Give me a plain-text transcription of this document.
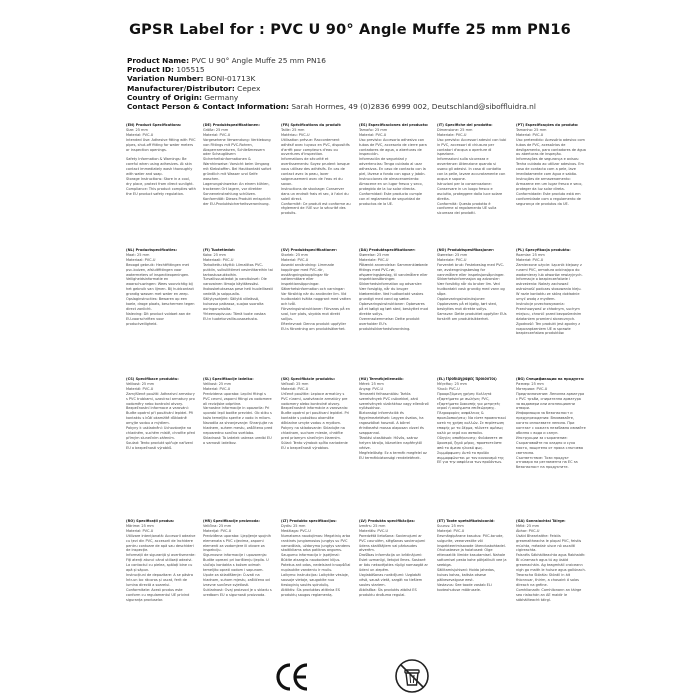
GPSR Label for : PVC U 90° Angle Muffe 25 mm PN16
Product Name: PVC U 90° Angle Muffe 25 mm PN16
Product ID: 105515
Variation Number: BONI-01713K
Manufacturer/Distributor: Cepex
Country of Origin: Germany
Contact Person & Contact Information: Sarah Hormes, 49 (0)2836 6999 002, Deutschland@siboffluidra.nl
(EN) Product Specifications:

Size: 25 mm
Material: PVC-U
Intended Use: Adhesive fitting with PVC pipes, shut-off fitting for water meters or inspection openings.

Safety Information & Warnings: Be careful when using adhesives. At skin contact immediately wash thoroughly with water and soap.
Storage Instructions: Store in a cool, dry place, protect from direct sunlight.
Compliance: This product complies with the EU product safety regulation.

(DE) Produktspezifikationen:

Größe: 25 mm
Material: PVC-U
Vorgesehene Verwendung: Verklebung von Fittings mit PVC-Rohren, Absperrarmaturen, Schließmessern oder Schaugläsern
Sicherheitsinformationen & Warnhinweise: Vorsicht beim Umgang mit Klebstoffen. Bei Hautkontakt sofort gründlich mit Wasser und Seife waschen.
Lagerungshinweise: An einem kühlen, trockenen Ort lagern, vor direkter Sonneneinstrahlung schützen.
Konformität: Dieses Produkt entspricht der EU-Produktsicherheitsverordnung.

(FR) Spécifications du produit:

Taille: 25 mm
Matériau: PVC-U
Utilisation prévue: Raccordement adhésif avec tuyaux en PVC, dispositifs d'arrêt pour compteurs d'eau ou ouvertures d'inspection.
Informations de sécurité et avertissements: Soyez prudent lorsque vous utilisez des adhésifs. En cas de contact avec la peau, laver soigneusement avec de l'eau et du savon.
Instructions de stockage: Conserver dans un endroit frais et sec, à l'abri du soleil direct.
Conformité: Ce produit est conforme au règlement de l'UE sur la sécurité des produits.

(ES) Especificaciones del producto:

Tamaño: 25 mm
Material: PVC-U
Uso previsto: Accesorio adhesivo con tubos de PVC, accesorio de cierre para contadores de agua, o aberturas de inspección.
Información de seguridad y advertencias: Tenga cuidado al usar adhesivos. En caso de contacto con la piel, lávese a fondo con agua y jabón.
Instrucciones de almacenamiento: Almacene en un lugar fresco y seco, protegido de la luz solar directa.
Conformidad: Este producto cumple con el reglamento de seguridad de productos de la UE.

(IT) Specifiche del prodotto:

Dimensione: 25 mm
Materiale: PVC-U
Uso previsto: Accessori adesivi con tubi in PVC, accessori di chiusura per contatori d'acqua o aperture di ispezione.
Informazioni sulla sicurezza e avvertenze: Attenzione quando si usano gli adesivi. In caso di contatto con la pelle, lavare accuratamente con acqua e sapone.
Istruzioni per la conservazione: Conservare in un luogo fresco e asciutto, proteggere dalla luce solare diretta.
Conformità: Questo prodotto è conforme al regolamento UE sulla sicurezza dei prodotti.

(PT) Especificações do produto:

Tamanho: 25 mm
Material: PVC-U
Uso pretendido: Acessório adesivo com tubos de PVC, acessórios de desligamento, para contadores de água ou aberturas de inspeção.
Informações de segurança e avisos: Tenha cuidado ao utilizar adesivos. Em caso de contacto com a pele, lave imediatamente com água e sabão.
Instruções de armazenamento: Armazene em um lugar fresco e seco, proteger da luz solar direta.
Conformidade: Este produto está em conformidade com o regulamento de segurança de produtos da UE.

(NL) Productspecificaties:

Maat: 25 mm
Materiaal: PVC-U
Beoogd gebruik: Hechtfittingen met pvc-buizen, afsluitfittingen voor watermeters of inspectieopeningen.
Veiligheidsinformatie en waarschuwingen: Wees voorzichtig bij het gebruik van lijmen. Bij huidcontact grondig wassen met water en zeep.
Opslaginstructies: Bewaren op een koele, droge plaats, beschermen tegen direct zonlicht.
Naleving: Dit product voldoet aan de EU-voorschriften voor productveiligheid.

(FI) Tuotetiedot:

Koko: 25 mm
Materiaali: PVC-U
Tarkoitettu käyttö: Liimaliitos PVC-putkiin, sulkuliittimet vesimittareihin tai tarkastusaukkoihin.
Turvallisuustiedot ja varoitukset: Ole varovainen liimoja käyttäessäsi. Ihokosketuksessa pese heti huolellisesti vedellä ja saippualla.
Säilytysohjeet: Säilytä viileässä, kuivassa paikassa, suojaa suoralta auringonvalolta.
Yhteensopivuus: Tämä tuote vastaa EU:n tuoteturvallisuusasetusta.

(SV) Produktspecifikationer:

Storlek: 25 mm
Material: PVC-U
Avsedd användning: Limmade kopplingar med PVC-rör, avstängningskopplingar för vattenmätare eller inspektionsöppningar.
Säkerhetsinformation och varningar: Var försiktig när du använder lim. Vid hudkontakt tvätta noggrant med vatten och tvål.
Förvaringsinstruktioner: Förvaras på en sval, torr plats, skydda mot direkt solljus.
Efterlevnad: Denna produkt uppfyller EU:s förordning om produktsäkerhet.

(DA) Produktspecifikationer:

Størrelse: 25 mm
Materiale: PVC-U
Påtænkt anvendelse: Sammenklæbede fittings med PVC-rør, afspærringsbeslag, til vandmålere eller inspektionsåbninger.
Sikkerhedsinformation og advarsler: Vær forsigtig, når du bruger klæbemidler. Ved hudkontakt vaskes grundigt med vand og sæbe.
Opbevaringsinstruktioner: Opbevares på et køligt og tørt sted, beskyttet mod direkte sollys.
Overensstemmelse: Dette produkt overholder EU's produktsikkerhedsforordning.

(NO) Produktspesifikasjoner:

Størrelse: 25 mm
Materiale: PVC-U
Forventet bruk: Festebeslag med PVC-rør, avstengningsbeslag for vannmålere eller inspeksjonsåpninger.
Sikkerhetsinformasjon og advarsler: Vær forsiktig når du bruker lim. Ved hudkontakt vask grundig med vann og såpe.
Oppbevaringsinstruksjoner: Oppbevares på et kjølig, tørt sted, beskyttes mot direkte sollys.
Samsvar: Dette produktet oppfyller EUs forskrift om produktsikkerhet.

(PL) Specyfikacja produktu:

Rozmiar: 25 mm
Materiał: PVC-U
Zamierzone użycie: Łącznik klejowy z rurami PVC, armatura odcinająca do wodomierzy lub otworów rewizyjnych.
Informacje o bezpieczeństwie i ostrzeżenia: Należy zachować ostrożność podczas stosowania kleju. W razie kontaktu ze skórą dokładnie umyć wodą z mydłem.
Instrukcje przechowywania: Przechowywać w chłodnym, suchym miejscu, chronić przed bezpośrednim działaniem promieni słonecznych.
Zgodność: Ten produkt jest zgodny z rozporządzeniem UE w sprawie bezpieczeństwa produktów.

(CS) Specifikace produktu:

Velikost: 25 mm
Materiál: PVC-U
Zamýšlené použití: Adhezivní armatury s PVC trubkami, uzavírací armatury pro vodoměry nebo kontrolní otvory.
Bezpečnostní informace a varování: Buďte opatrní při používání lepidel. Při kontaktu s kůží okamžitě důkladně omyjte vodou a mýdlem.
Pokyny k uskladnění: Uchovávejte na chladném, suchém místě, chraňte před přímým slunečním zářením.
Soulad: Tento produkt splňuje nařízení EU o bezpečnosti výrobků.

(SL) Specifikacije izdelka:

Velikost: 25 mm
Material: PVC-U
Predvidena uporaba: Lepilni fitingi s PVC cevmi, zaporni fitingi za vodomere ali revizijske odprtine.
Varnostne informacije in opozorila: Pri uporabi lepil bodite previdni. Ob stiku s kožo temeljito sperite z vodo in milom.
Navodila za shranjevanje: Shranjujte na hladnem, suhem mestu, zaščiteno pred neposredno sončno svetlobo.
Skladnost: Ta izdelek ustreza uredbi EU o varnosti izdelkov.

(SK) Špecifikácie produktu:

Veľkosť: 25 mm
Materiál: PVC-U
Určené použitie: Lepiace armatúry s PVC rúrami, uzatváracie armatúry pre vodomery alebo kontrolné otvory.
Bezpečnostné informácie a varovania: Buďte opatrní pri používaní lepidiel. Pri kontakte s pokožkou okamžite dôkladne umyte vodou a mydlom.
Pokyny na skladovanie: Skladujte na chladnom, suchom mieste, chráňte pred priamym slnečným žiarením.
Súlad: Tento výrobok spĺňa nariadenie EÚ o bezpečnosti výrobkov.

(HU) Termékjellemzők:

Méret: 25 mm
Anyag: PVC-U
Tervezett felhasználás: Tartós szerelvények PVC csövekkel, záró szerelvények vízórákhoz vagy ellenőrző nyílásokhoz.
Biztonsági információk és figyelmeztetések: Legyen óvatos, ha ragasztókat használ. A bőrrel érintkezést mossa alaposan vízzel és szappannal.
Tárolási utasítások: Hűvös, száraz helyen tárolja, közvetlen napfénytől védve.
Megfelelőség: Ez a termék megfelel az EU termékbiztonsági rendeletének.

(EL) Προδιαγραφές προϊόντος:

Μέγεθος: 25 mm
Υλικό: PVC-U
Προοριζόμενη χρήση: Κολλητά εξαρτήματα με σωλήνες PVC, εξαρτήματα διακοπής για μετρητές νερού ή ανοίγματα επιθεώρησης.
Πληροφορίες ασφάλειας & προειδοποιήσεις: Να είστε προσεκτικοί κατά τη χρήση κολλών. Σε περίπτωση επαφής με το δέρμα, πλύνετε αμέσως καλά με νερό και σαπούνι.
Οδηγίες αποθήκευσης: Φυλάσσετε σε δροσερό, ξηρό μέρος, προστατεύστε από το άμεσο ηλιακό φως.
Συμμόρφωση: Αυτό το προϊόν συμμορφώνεται με τον κανονισμό της ΕΕ για την ασφάλεια των προϊόντων.

(BG) Спецификации на продукта:

Размер: 25 mm
Материал: PVC-U
Предназначение: Лепилна арматура с PVC тръби, спирателна арматура за водомери или инспекционни отвори.
Информация за безопасност и предупреждения: Внимавайте, когато използвате лепила. При контакт с кожата незабавно измийте обилно с вода и сапун.
Инструкции за съхранение: Съхранявайте на хладно и сухо място, защитено от пряка слънчева светлина.
Съответствие: Този продукт отговаря на регламента на ЕС за безопасност на продуктите.

(RO) Specificații produs:

Mărime: 25 mm
Material: PVC-U
Utilizare intenționată: Accesorii adezive cu țevi din PVC, accesorii de închidere pentru contoare de apă sau deschideri de inspecție.
Informații de siguranță și avertismente: Fiți atenți atunci când utilizați adezivi. La contactul cu pielea, spălați bine cu apă și săpun.
Instrucțiuni de depozitare: A se păstra într-un loc răcoros și uscat, ferit de lumina directă a soarelui.
Conformitate: Acest produs este conform cu regulamentul UE privind siguranța produselor.

(HR) Specifikacije proizvoda:

Veličina: 25 mm
Materijal: PVC-U
Predviđena uporaba: Ljepljenje spojnih elemenata s PVC cijevima, zaporni elementi za vodomjere ili otvore za inspekciju.
Sigurnosne informacije i upozorenja: Budite oprezni pri korištenju ljepila. U slučaju kontakta s kožom odmah temeljito oprati vodom i sapunom.
Upute za skladištenje: Čuvati na hladnom, suhom mjestu, zaštićeno od izravne sunčeve svjetlosti.
Sukladnost: Ovaj proizvod je u skladu s uredbom EU o sigurnosti proizvoda.

(LT) Produkto specifikacijos:

Dydis: 25 mm
Medžiaga: PVC-U
Numatoma naudojimas: Megztinių arba rankinės jungiamosios jungtys su PVC vamzdžiais, uždarymo jungtys vandens skaitikliams arba patikros angoms.
Saugumo informacija ir įspėjimai: Būkite atsargūs naudodami klijus. Patekus ant odos, nedelsiant kruopščiai nuplaukite vandeniu ir muilu.
Laikymo instrukcijos: Laikykite vėsioje, sausoje vietoje, saugokite nuo tiesioginių saulės spindulių.
Atitiktis: Šis produktas atitinka ES produktų saugos reglamentą.

(LV) Produkta specifikācijas:

Izmērs: 25 mm
Materiāls: PVC-U
Paredzētā lietošana: Savienojumi ar PVC caurulēm, slēgšanas savienojumi ūdens skaitītājiem vai pārbaudes atverēm.
Drošības informācija un brīdinājumi: Esiet uzmanīgi, lietojot līmes. Saskarē ar ādu nekavējoties rūpīgi nomazgāt ar ūdeni un ziepēm.
Uzglabāšanas norādījumi: Uzglabāt vēsā, sausā vietā, sargāt no tiešiem saules stariem.
Atbilstība: Šis produkts atbilst ES produktu drošuma regulai.

(ET) Toote spetsifikatsioonid:

Suurus: 25 mm
Materjal: PVC-U
Eesmärgipärane kasutus: PVC-torude, sulgurite, veearvestite või inspekteerimisavade ühenduskohtadel.
Ohutusteave ja hoiatused: Olge ettevaatlik liimide kasutamisel. Nahale sattumisel pesta kohe põhjalikult vee ja seebiga.
Säilitamisjuhised: Hoida jahedas, kuivas kohas, kaitsta otsese päikesevalguse eest.
Vastavus: See toode vastab ELi tooteohutuse määrusele.

(GA) Sonraíochtaí Táirge:

Méid: 25 mm
Ábhar: PVC-U
Úsáid Bheartaithe: Feistis greamaitheacha le píopaí PVC, feistis múchta, méadair uisce nó oscailtí cigireachta.
Faisnéis Sábháilteachta agus Rabhaidh: Bí cúramach agus tú ag úsáid greamacháin. Ag teagmháil craiceann nigh go maith le huisce agus gallúnach.
Treoracha Stórála: Stóráil in áit fhionnuar, thirim, a chosaint ó solas díreach na gréine.
Comhlíonadh: Comhlíonann an táirge seo rialachán an AE maidir le sábháilteacht táirgí.
